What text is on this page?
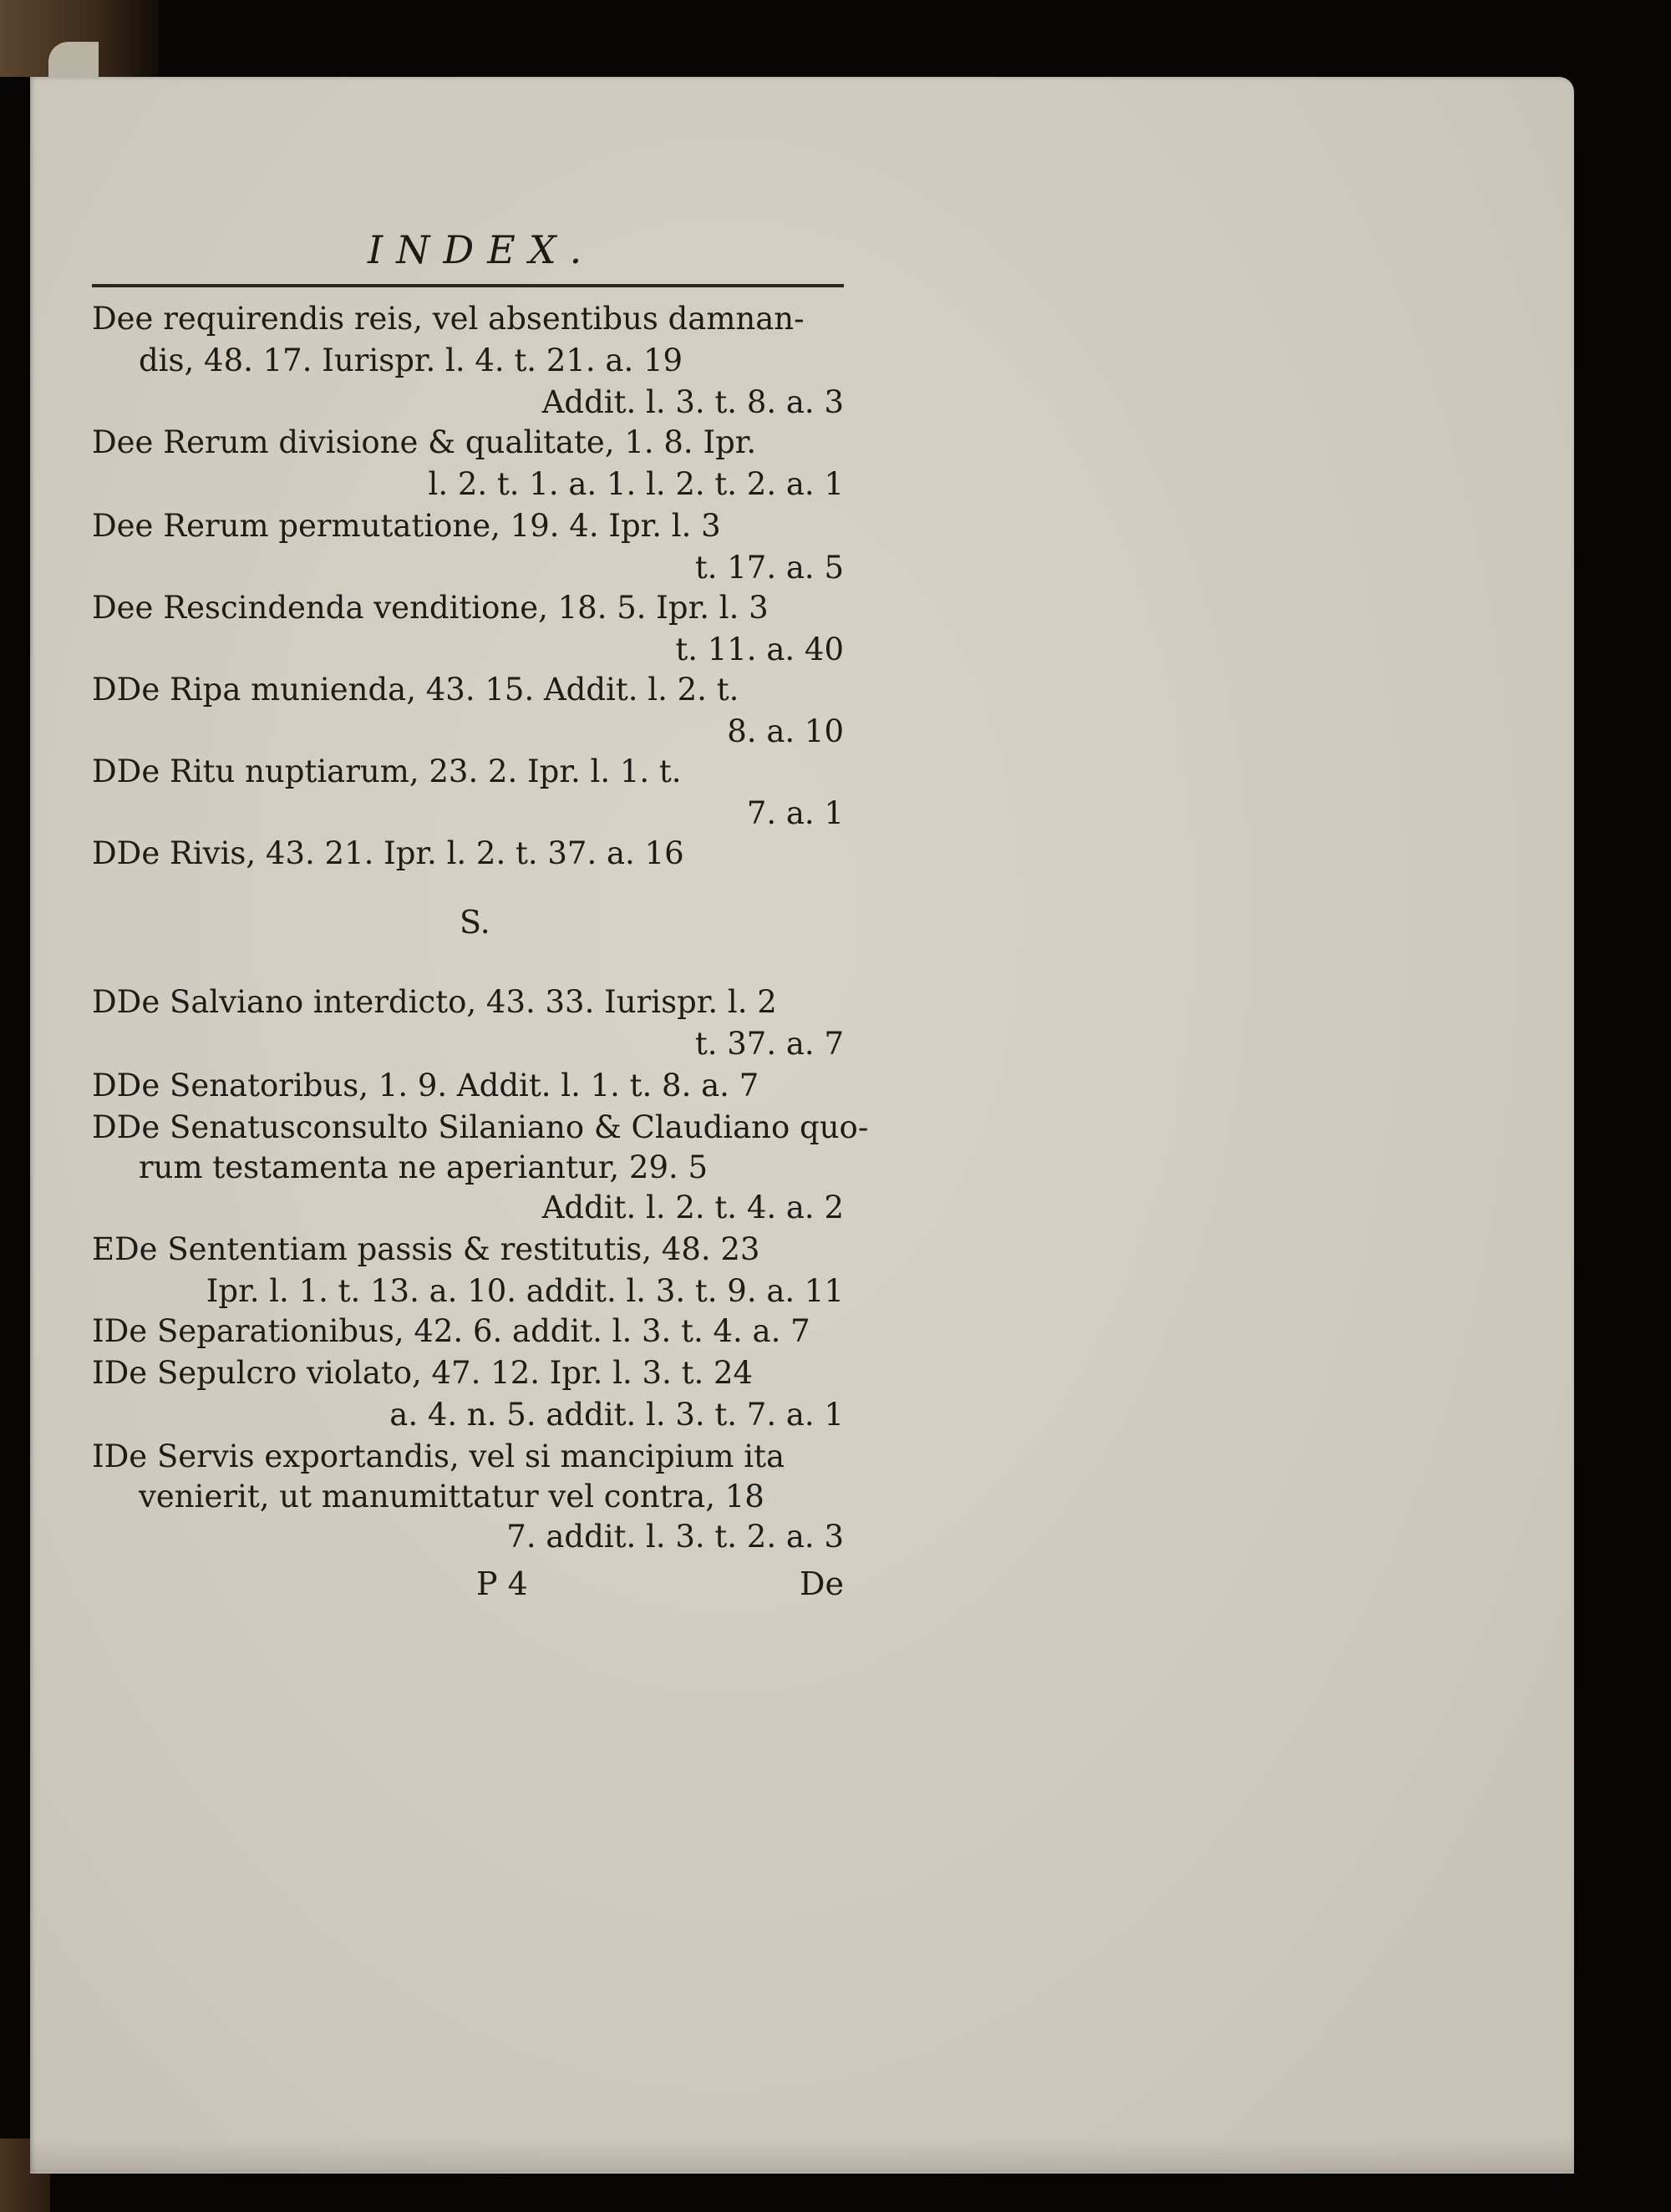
INDEX.
Dee requirendis reis, vel absentibus damnan-
dis, 48. 17. Iurispr. l. 4. t. 21. a. 19
Addit. l. 3. t. 8. a. 3
Dee Rerum divisione & qualitate, 1. 8. Ipr.
l. 2. t. 1. a. 1. l. 2. t. 2. a. 1
Dee Rerum permutatione, 19. 4. Ipr. l. 3
t. 17. a. 5
Dee Rescindenda venditione, 18. 5. Ipr. l. 3
t. 11. a. 40
DDe Ripa munienda, 43. 15. Addit. l. 2. t.
8. a. 10
DDe Ritu nuptiarum, 23. 2. Ipr. l. 1. t.
7. a. 1
DDe Rivis, 43. 21. Ipr. l. 2. t. 37. a. 16
S.
DDe Salviano interdicto, 43. 33. Iurispr. l. 2
t. 37. a. 7
DDe Senatoribus, 1. 9. Addit. l. 1. t. 8. a. 7
DDe Senatusconsulto Silaniano & Claudiano quo-
rum testamenta ne aperiantur, 29. 5
Addit. l. 2. t. 4. a. 2
EDe Sententiam passis & restitutis, 48. 23
Ipr. l. 1. t. 13. a. 10. addit. l. 3. t. 9. a. 11
IDe Separationibus, 42. 6. addit. l. 3. t. 4. a. 7
IDe Sepulcro violato, 47. 12. Ipr. l. 3. t. 24
a. 4. n. 5. addit. l. 3. t. 7. a. 1
IDe Servis exportandis, vel si mancipium ita
venierit, ut manumittatur vel contra, 18
7. addit. l. 3. t. 2. a. 3
P 4	De
